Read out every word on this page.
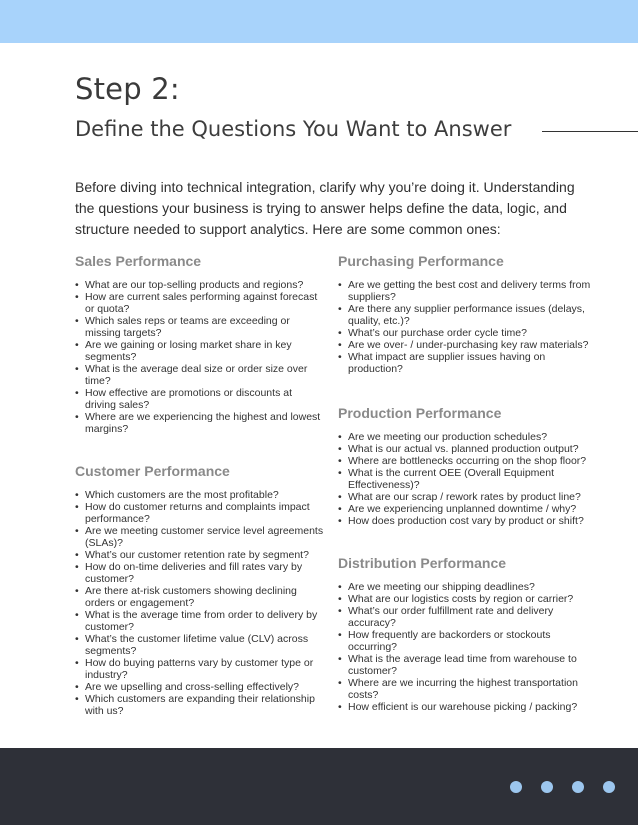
Step 2:
Define the Questions You Want to Answer

Before diving into technical integration, clarify why you’re doing it. Understanding the questions your business is trying to answer helps define the data, logic, and structure needed to support analytics. Here are some common ones:

Sales Performance
• What are our top-selling products and regions?
• How are current sales performing against forecast or quota?
• Which sales reps or teams are exceeding or missing targets?
• Are we gaining or losing market share in key segments?
• What is the average deal size or order size over time?
• How effective are promotions or discounts at driving sales?
• Where are we experiencing the highest and lowest margins?
Customer Performance
• Which customers are the most profitable?
• How do customer returns and complaints impact performance?
• Are we meeting customer service level agreements (SLAs)?
• What’s our customer retention rate by segment?
• How do on-time deliveries and fill rates vary by customer?
• Are there at-risk customers showing declining orders or engagement?
• What is the average time from order to delivery by customer?
• What’s the customer lifetime value (CLV) across segments?
• How do buying patterns vary by customer type or industry?
• Are we upselling and cross-selling effectively?
• Which customers are expanding their relationship with us?
Purchasing Performance
• Are we getting the best cost and delivery terms from suppliers?
• Are there any supplier performance issues (delays, quality, etc.)?
• What’s our purchase order cycle time?
• Are we over- / under-purchasing key raw materials?
• What impact are supplier issues having on production?
Production Performance
• Are we meeting our production schedules?
• What is our actual vs. planned production output?
• Where are bottlenecks occurring on the shop floor?
• What is the current OEE (Overall Equipment Effectiveness)?
• What are our scrap / rework rates by product line?
• Are we experiencing unplanned downtime / why?
• How does production cost vary by product or shift?
Distribution Performance
• Are we meeting our shipping deadlines?
• What are our logistics costs by region or carrier?
• What’s our order fulfillment rate and delivery accuracy?
• How frequently are backorders or stockouts occurring?
• What is the average lead time from warehouse to customer?
• Where are we incurring the highest transportation costs?
• How efficient is our warehouse picking / packing?
